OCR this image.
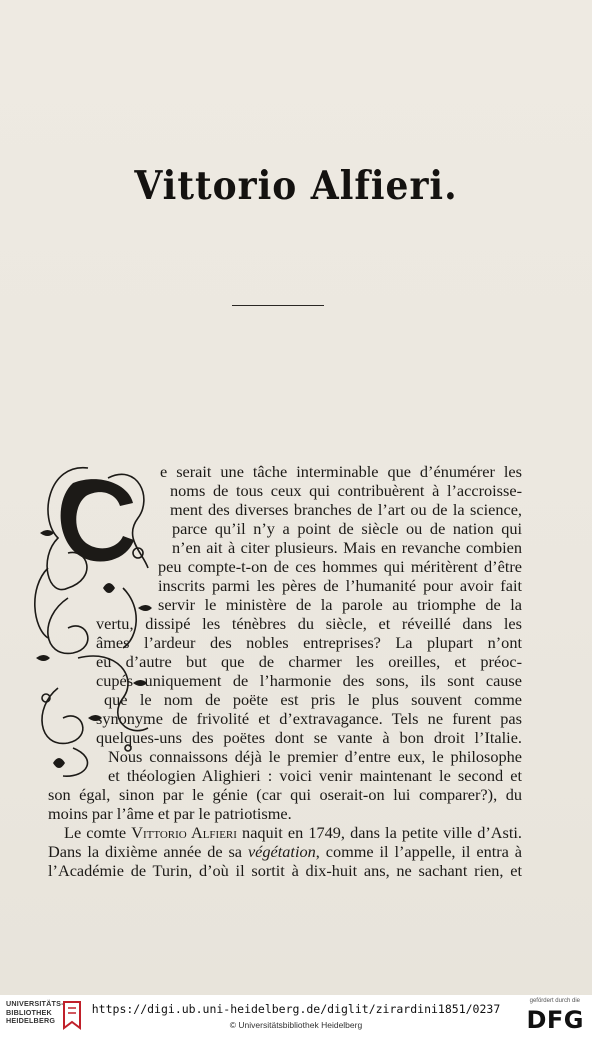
Vittorio Alfieri.
e serait une tâche interminable que d’énumérer les
noms de tous ceux qui contribuèrent à l’accroisse-
ment des diverses branches de l’art ou de la science,
parce qu’il n’y a point de siècle ou de nation qui
n’en ait à citer plusieurs. Mais en revanche combien
peu compte-t-on de ces hommes qui méritèrent d’être
inscrits parmi les pères de l’humanité pour avoir fait
servir le ministère de la parole au triomphe de la
vertu, dissipé les ténèbres du siècle, et réveillé dans les
âmes l’ardeur des nobles entreprises? La plupart n’ont
eu d’autre but que de charmer les oreilles, et préoc-
cupés uniquement de l’harmonie des sons, ils sont cause
que le nom de poëte est pris le plus souvent comme
synonyme de frivolité et d’extravagance. Tels ne furent pas
quelques-uns des poëtes dont se vante à bon droit l’Italie.
Nous connaissons déjà le premier d’entre eux, le philosophe
et théologien Alighieri : voici venir maintenant le second et
son égal, sinon par le génie (car qui oserait-on lui comparer?), du
moins par l’âme et par le patriotisme.
Le comte Vittorio Alfieri naquit en 1749, dans la petite ville d’Asti.
Dans la dixième année de sa végétation, comme il l’appelle, il entra à
l’Académie de Turin, d’où il sortit à dix-huit ans, ne sachant rien, et
UNIVERSITÄTS-
BIBLIOTHEK
HEIDELBERG
https://digi.ub.uni-heidelberg.de/diglit/zirardini1851/0237
© Universitätsbibliothek Heidelberg
gefördert durch die
DFG
